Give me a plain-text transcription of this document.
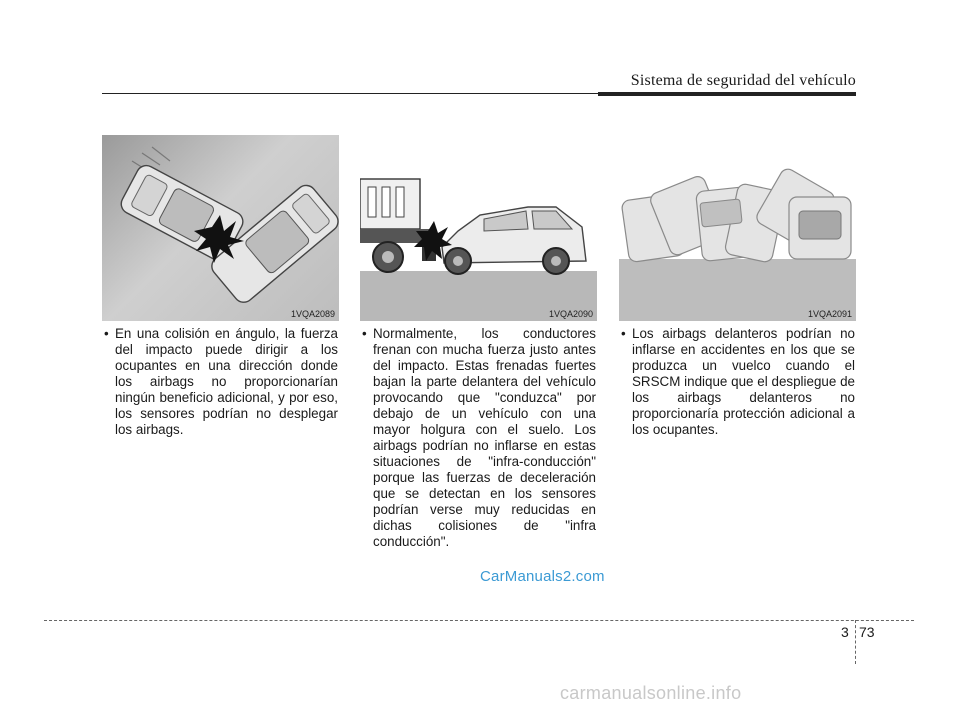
Sistema de seguridad del vehículo
1VQA2089	1VQA2090	1VQA2091
• En una colisión en ángulo, la fuerza del impacto puede dirigir a los ocupantes en una dirección donde los airbags no proporcionarían ningún beneficio adicional, y por eso, los sensores podrían no desplegar los airbags.
• Normalmente, los conductores frenan con mucha fuerza justo antes del impacto. Estas frenadas fuertes bajan la parte delantera del vehículo provocando que "conduzca" por debajo de un vehículo con una mayor holgura con el suelo. Los airbags podrían no inflarse en estas situaciones de "infra-conducción" porque las fuerzas de deceleración que se detectan en los sensores podrían verse muy reducidas en dichas colisiones de "infra conducción".
• Los airbags delanteros podrían no inflarse en accidentes en los que se produzca un vuelco cuando el SRSCM indique que el despliegue de los airbags delanteros no proporcionaría protección adicional a los ocupantes.
CarManuals2.com
3 73
carmanualsonline.info
